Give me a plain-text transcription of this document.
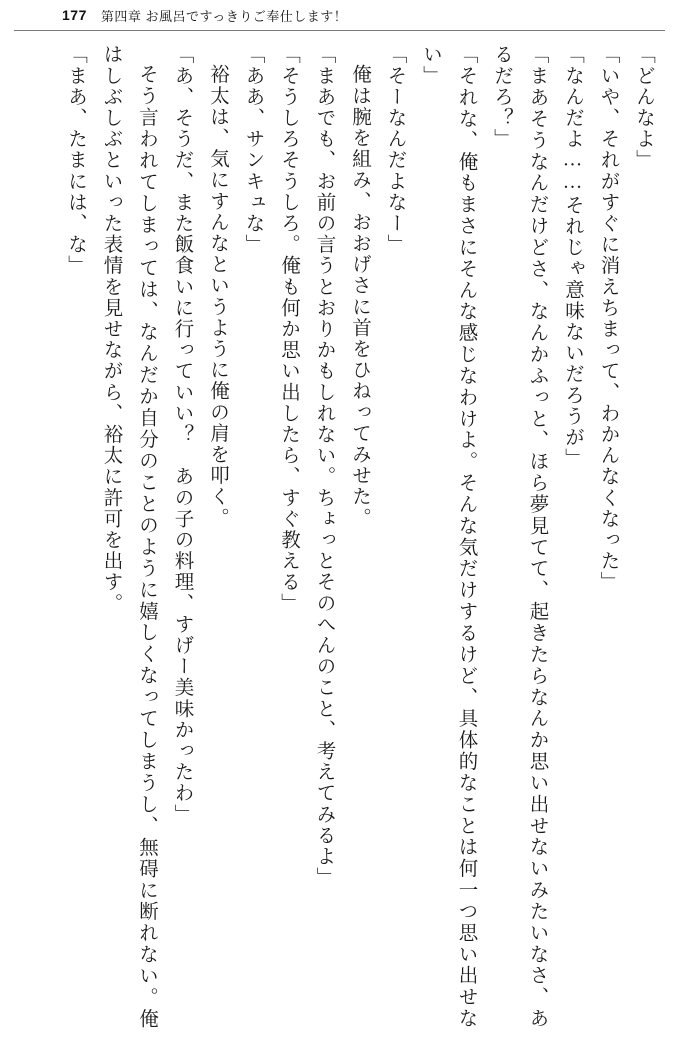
177 第四章 お風呂ですっきりご奉仕します！

「どんなよ」

「いや、それがすぐに消えちまって、わかんなくなった」

「なんだよ……それじゃ意味ないだろうが」

「まあそうなんだけどさ、なんかふっと、ほら夢見てて、起きたらなんか思い出せないみたいなさ、あるだろ？」

「それな、俺もまさにそんな感じなわけよ。そんな気だけするけど、具体的なことは何一つ思い出せない」

「そーなんだよなー」

俺は腕を組み、おおげさに首をひねってみせた。

「まあでも、お前の言うとおりかもしれない。ちょっとそのへんのこと、考えてみるよ」

「そうしろそうしろ。俺も何か思い出したら、すぐ教える」

「ああ、サンキュな」

裕太は、気にすんなというように俺の肩を叩く。

「あ、そうだ、また飯食いに行っていい？　あの子の料理、すげー美味かったわ」

そう言われてしまっては、なんだか自分のことのように嬉しくなってしまうし、無碍に断れない。俺はしぶしぶといった表情を見せながら、裕太に許可を出す。

「まあ、たまには、な」
